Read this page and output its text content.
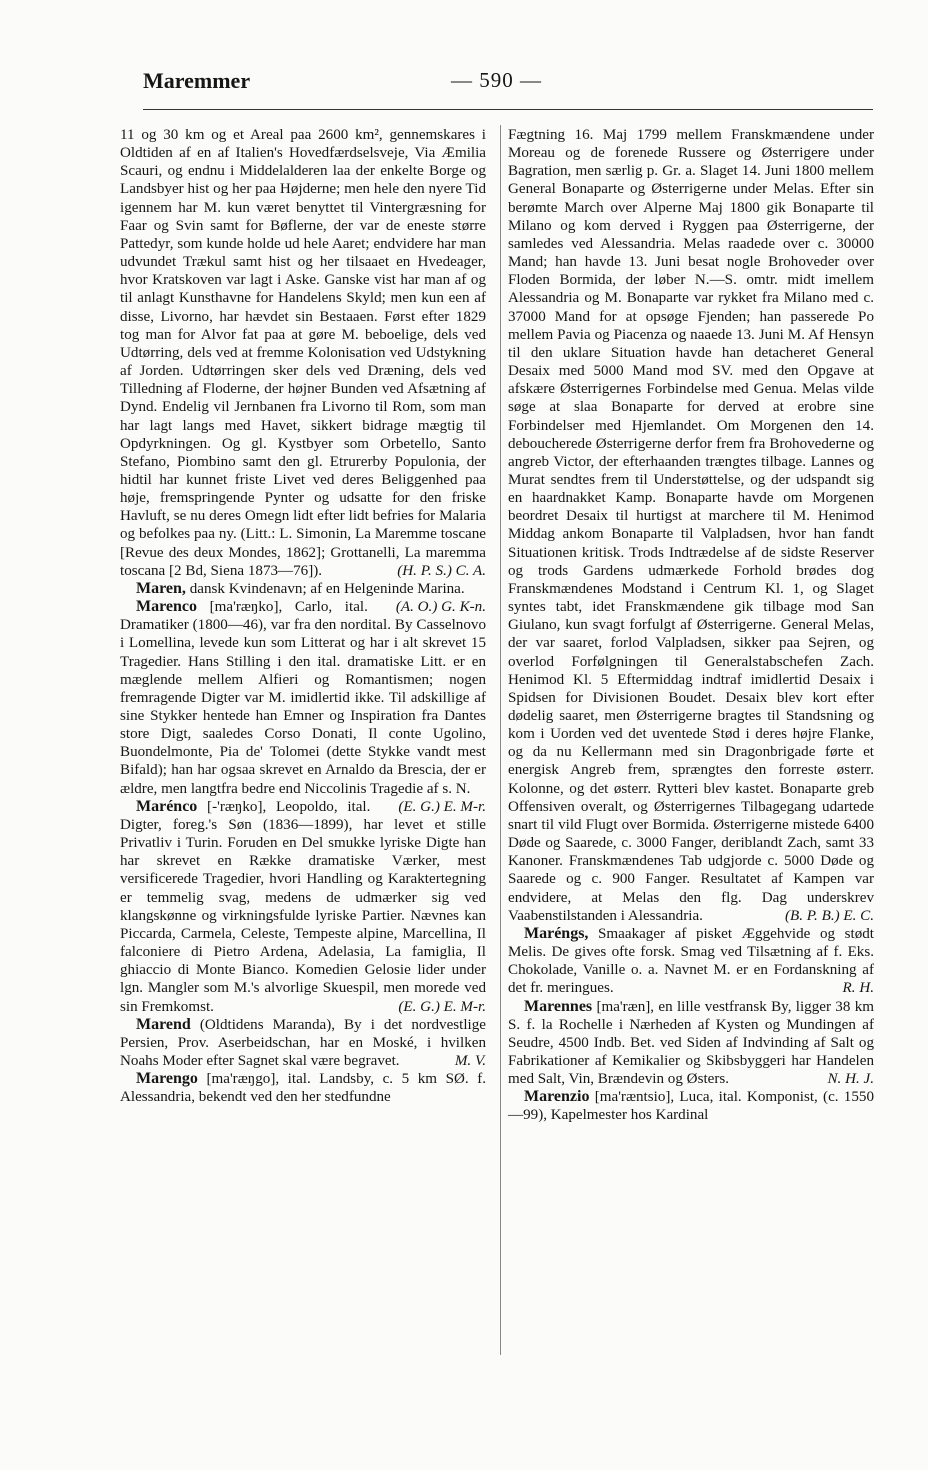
Maremmer	— 590 —

11 og 30 km og et Areal paa 2600 km², gennemskares i Oldtiden af en af Italien's Hovedfærdselsveje, Via Æmilia Scauri, og endnu i Middelalderen laa der enkelte Borge og Landsbyer hist og her paa Højderne; men hele den nyere Tid igennem har M. kun været benyttet til Vintergræsning for Faar og Svin samt for Bøflerne, der var de eneste større Pattedyr, som kunde holde ud hele Aaret; endvidere har man udvundet Trækul samt hist og her tilsaaet en Hvedeager, hvor Kratskoven var lagt i Aske. Ganske vist har man af og til anlagt Kunsthavne for Handelens Skyld; men kun een af disse, Livorno, har hævdet sin Bestaaen. Først efter 1829 tog man for Alvor fat paa at gøre M. beboelige, dels ved Udtørring, dels ved at fremme Kolonisation ved Udstykning af Jorden. Udtørringen sker dels ved Dræning, dels ved Tilledning af Floderne, der højner Bunden ved Afsætning af Dynd. Endelig vil Jernbanen fra Livorno til Rom, som man har lagt langs med Havet, sikkert bidrage mægtig til Opdyrkningen. Og gl. Kystbyer som Orbetello, Santo Stefano, Piombino samt den gl. Etrurerby Populonia, der hidtil har kunnet friste Livet ved deres Beliggenhed paa høje, fremspringende Pynter og udsatte for den friske Havluft, se nu deres Omegn lidt efter lidt befries for Malaria og befolkes paa ny. (Litt.: L. Simonin, La Maremme toscane [Revue des deux Mondes, 1862]; Grottanelli, La maremma toscana [2 Bd, Siena 1873—76]).	(H. P. S.) C. A.

Maren, dansk Kvindenavn; af en Helgeninde Marina.
(A. O.) G. K-n.

Marenco [ma'ræŋko], Carlo, ital. Dramatiker (1800—46), var fra den nordital. By Casselnovo i Lomellina, levede kun som Litterat og har i alt skrevet 15 Tragedier. Hans Stilling i den ital. dramatiske Litt. er en mæglende mellem Alfieri og Romantismen; nogen fremragende Digter var M. imidlertid ikke. Til adskillige af sine Stykker hentede han Emner og Inspiration fra Dantes store Digt, saaledes Corso Donati, Il conte Ugolino, Buondelmonte, Pia de' Tolomei (dette Stykke vandt mest Bifald); han har ogsaa skrevet en Arnaldo da Brescia, der er ældre, men langtfra bedre end Niccolinis Tragedie af s. N.
(E. G.) E. M-r.

Marénco [-'ræŋko], Leopoldo, ital. Digter, foreg.'s Søn (1836—1899), har levet et stille Privatliv i Turin. Foruden en Del smukke lyriske Digte han har skrevet en Række dramatiske Værker, mest versificerede Tragedier, hvori Handling og Karaktertegning er temmelig svag, medens de udmærker sig ved klangskønne og virkningsfulde lyriske Partier. Nævnes kan Piccarda, Carmela, Celeste, Tempeste alpine, Marcellina, Il falconiere di Pietro Ardena, Adelasia, La famiglia, Il ghiaccio di Monte Bianco. Komedien Gelosie lider under lgn. Mangler som M.'s alvorlige Skuespil, men morede ved sin Fremkomst.	(E. G.) E. M-r.

Marend (Oldtidens Maranda), By i det nordvestlige Persien, Prov. Aserbeidschan, har en Moské, i hvilken Noahs Moder efter Sagnet skal være begravet.	M. V.

Marengo [ma'ræŋgo], ital. Landsby, c. 5 km SØ. f. Alessandria, bekendt ved den her stedfundne

Fægtning 16. Maj 1799 mellem Franskmændene under Moreau og de forenede Russere og Østerrigere under Bagration, men særlig p. Gr. a. Slaget 14. Juni 1800 mellem General Bonaparte og Østerrigerne under Melas. Efter sin berømte March over Alperne Maj 1800 gik Bonaparte til Milano og kom derved i Ryggen paa Østerrigerne, der samledes ved Alessandria. Melas raadede over c. 30000 Mand; han havde 13. Juni besat nogle Brohoveder over Floden Bormida, der løber N.—S. omtr. midt imellem Alessandria og M. Bonaparte var rykket fra Milano med c. 37000 Mand for at opsøge Fjenden; han passerede Po mellem Pavia og Piacenza og naaede 13. Juni M. Af Hensyn til den uklare Situation havde han detacheret General Desaix med 5000 Mand mod SV. med den Opgave at afskære Østerrigernes Forbindelse med Genua. Melas vilde søge at slaa Bonaparte for derved at erobre sine Forbindelser med Hjemlandet. Om Morgenen den 14. deboucherede Østerrigerne derfor frem fra Brohovederne og angreb Victor, der efterhaanden trængtes tilbage. Lannes og Murat sendtes frem til Understøttelse, og der udspandt sig en haardnakket Kamp. Bonaparte havde om Morgenen beordret Desaix til hurtigst at marchere til M. Henimod Middag ankom Bonaparte til Valpladsen, hvor han fandt Situationen kritisk. Trods Indtrædelse af de sidste Reserver og trods Gardens udmærkede Forhold brødes dog Franskmændenes Modstand i Centrum Kl. 1, og Slaget syntes tabt, idet Franskmændene gik tilbage mod San Giulano, kun svagt forfulgt af Østerrigerne. General Melas, der var saaret, forlod Valpladsen, sikker paa Sejren, og overlod Forfølgningen til Generalstabschefen Zach. Henimod Kl. 5 Eftermiddag indtraf imidlertid Desaix i Spidsen for Divisionen Boudet. Desaix blev kort efter dødelig saaret, men Østerrigerne bragtes til Standsning og kom i Uorden ved det uventede Stød i deres højre Flanke, og da nu Kellermann med sin Dragonbrigade førte et energisk Angreb frem, sprængtes den forreste østerr. Kolonne, og det østerr. Rytteri blev kastet. Bonaparte greb Offensiven overalt, og Østerrigernes Tilbagegang udartede snart til vild Flugt over Bormida. Østerrigerne mistede 6400 Døde og Saarede, c. 3000 Fanger, deriblandt Zach, samt 33 Kanoner. Franskmændenes Tab udgjorde c. 5000 Døde og Saarede og c. 900 Fanger. Resultatet af Kampen var endvidere, at Melas den flg. Dag underskrev Vaabenstilstanden i Alessandria.	(B. P. B.) E. C.

Maréngs, Smaakager af pisket Æggehvide og stødt Melis. De gives ofte forsk. Smag ved Tilsætning af f. Eks. Chokolade, Vanille o. a. Navnet M. er en Fordanskning af det fr. meringues.	R. H.

Marennes [ma'ræn], en lille vestfransk By, ligger 38 km S. f. la Rochelle i Nærheden af Kysten og Mundingen af Seudre, 4500 Indb. Bet. ved Siden af Indvinding af Salt og Fabrikationer af Kemikalier og Skibsbyggeri har Handelen med Salt, Vin, Brændevin og Østers.	N. H. J.

Marenzio [ma'ræntsio], Luca, ital. Komponist, (c. 1550—99), Kapelmester hos Kardinal
